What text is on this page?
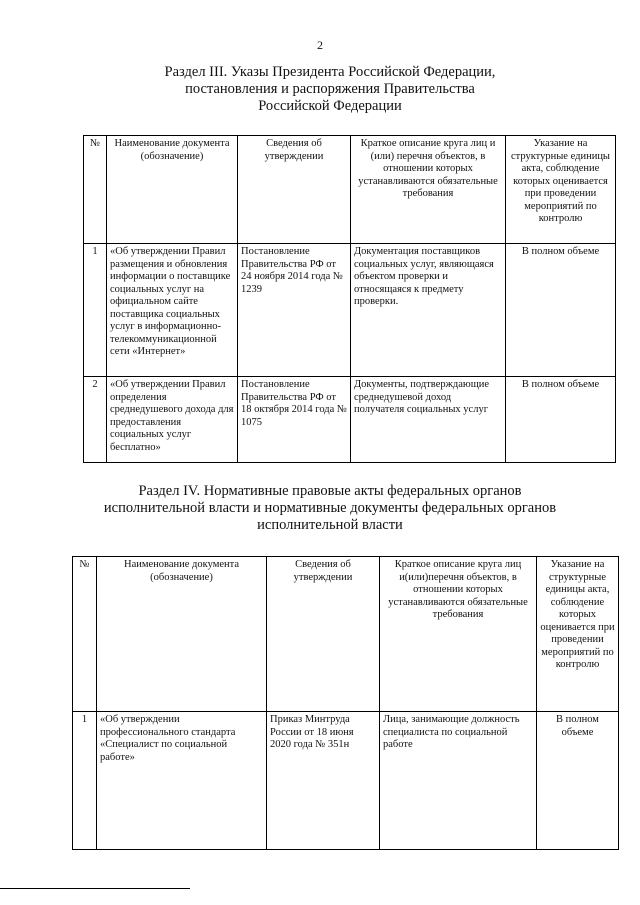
2
Раздел III. Указы Президента Российской Федерации,
постановления и распоряжения Правительства
Российской Федерации
№	Наименование документа (обозначение)	Сведения об утверждении	Краткое описание круга лиц и (или) перечня объектов, в отношении которых устанавливаются обязательные требования	Указание на структурные единицы акта, соблюдение которых оценивается при проведении мероприятий по контролю
1	«Об утверждении Правил размещения и обновления информации о поставщике социальных услуг на официальном сайте поставщика социальных услуг в информационно-телекоммуникационной сети «Интернет»	Постановление Правительства РФ от 24 ноября 2014 года № 1239	Документация поставщиков социальных услуг, являющаяся объектом проверки и относящаяся к предмету проверки.	В полном объеме
2	«Об утверждении Правил определения среднедушевого дохода для предоставления социальных услуг бесплатно»	Постановление Правительства РФ от 18 октября 2014 года № 1075	Документы, подтверждающие среднедушевой доход получателя социальных услуг	В полном объеме
Раздел IV. Нормативные правовые акты федеральных органов
исполнительной власти и нормативные документы федеральных органов
исполнительной власти
№	Наименование документа (обозначение)	Сведения об утверждении	Краткое описание круга лиц и(или)перечня объектов, в отношении которых устанавливаются обязательные требования	Указание на структурные единицы акта, соблюдение которых оценивается при проведении мероприятий по контролю
1	«Об утверждении профессионального стандарта «Специалист по социальной работе»	Приказ Минтруда России от 18 июня 2020 года № 351н	Лица, занимающие должность специалиста по социальной работе	В полном объеме
